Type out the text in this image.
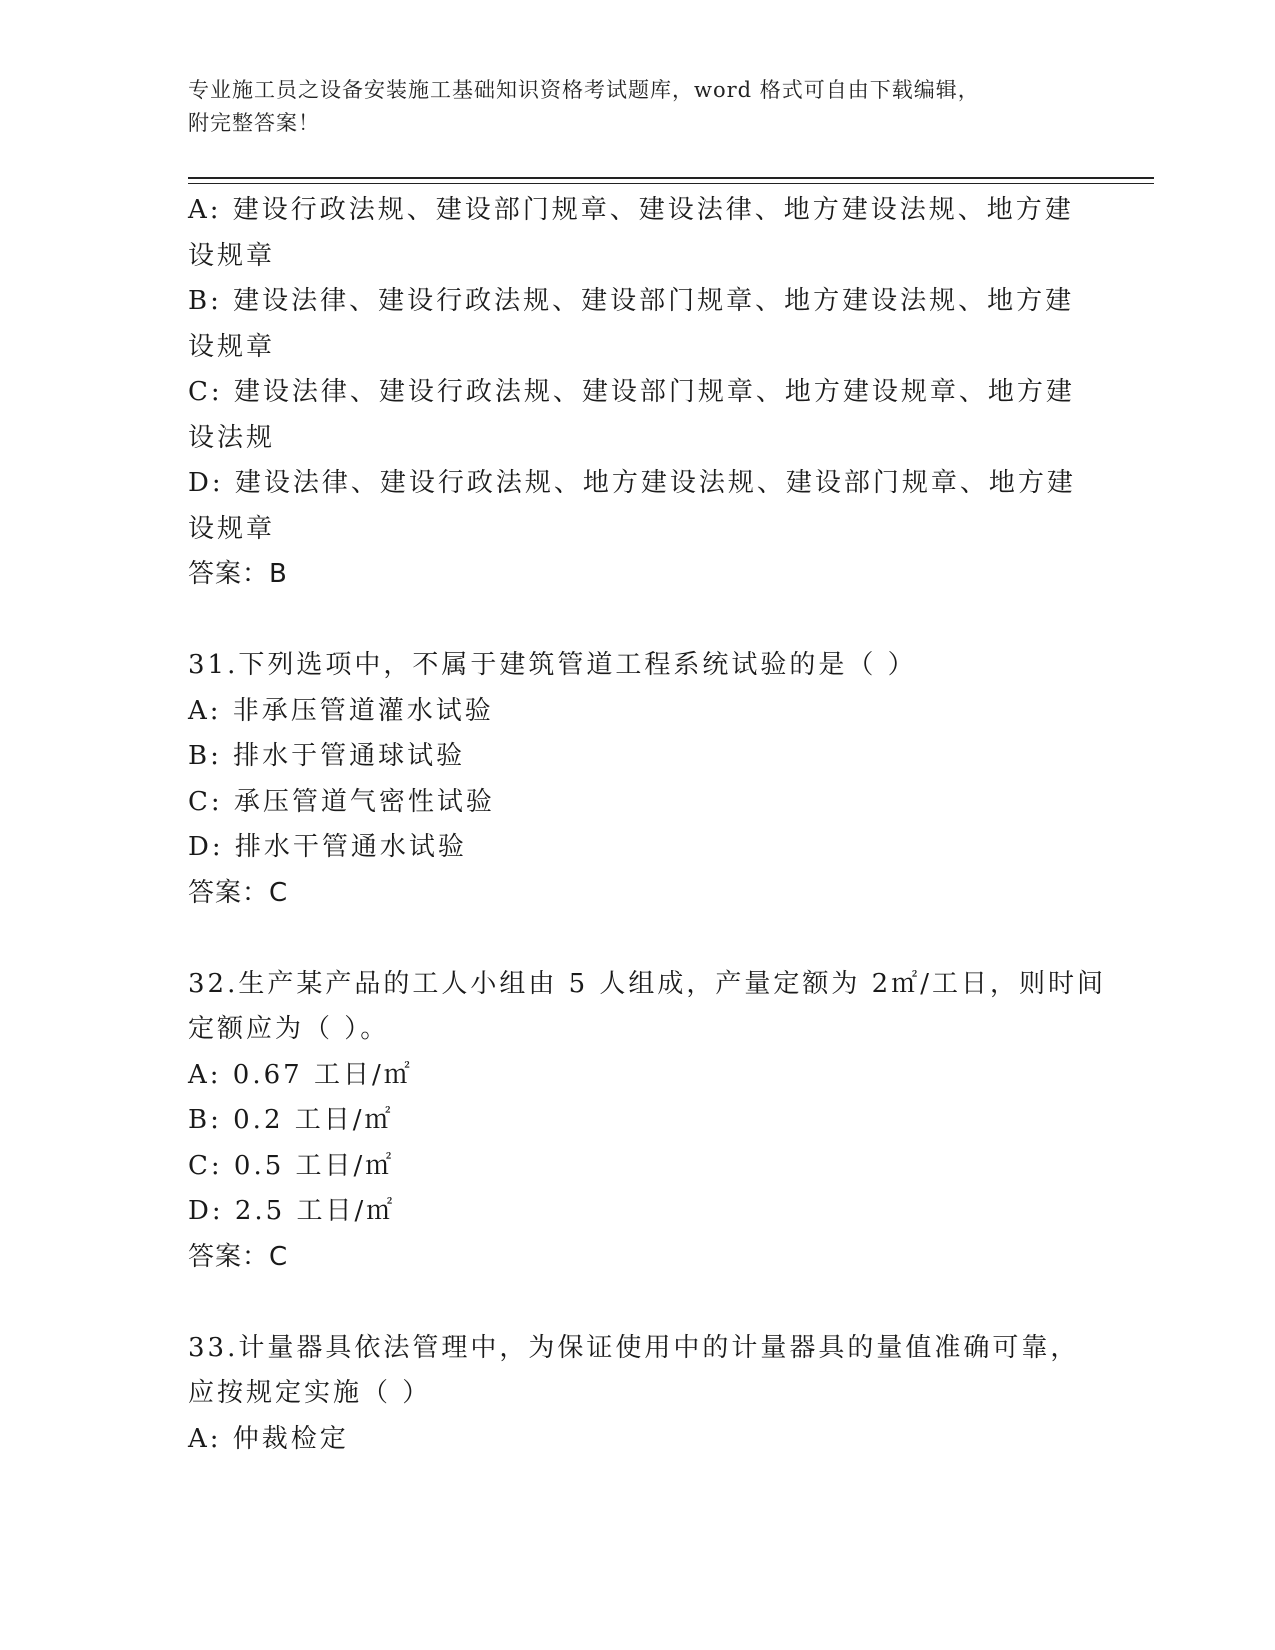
专业施工员之设备安装施工基础知识资格考试题库，word 格式可自由下载编辑，
附完整答案！
A: 建设行政法规、建设部门规章、建设法律、地方建设法规、地方建
设规章
B: 建设法律、建设行政法规、建设部门规章、地方建设法规、地方建
设规章
C: 建设法律、建设行政法规、建设部门规章、地方建设规章、地方建
设法规
D: 建设法律、建设行政法规、地方建设法规、建设部门规章、地方建
设规章
答案：B
31.下列选项中，不属于建筑管道工程系统试验的是（ ）
A: 非承压管道灌水试验
B: 排水于管通球试验
C: 承压管道气密性试验
D: 排水干管通水试验
答案：C
32.生产某产品的工人小组由 5 人组成，产量定额为 2㎡/工日，则时间
定额应为（ ）。
A: 0.67 工日/㎡
B: 0.2 工日/㎡
C: 0.5 工日/㎡
D: 2.5 工日/㎡
答案：C
33.计量器具依法管理中，为保证使用中的计量器具的量值准确可靠，
应按规定实施（ ）
A: 仲裁检定
